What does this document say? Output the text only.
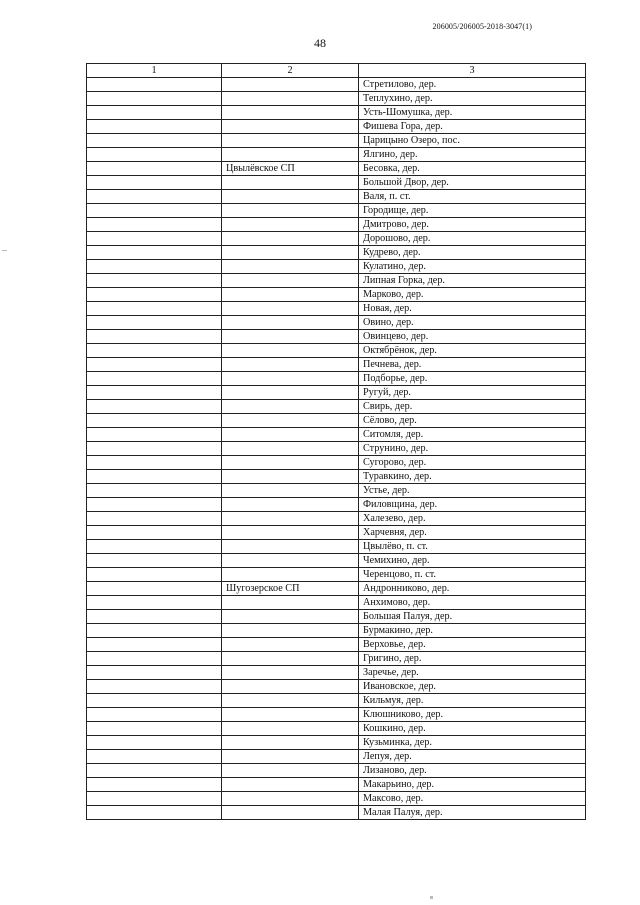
206005/206005-2018-3047(1)
48
1	2	3
		Стретилово, дер.
		Теплухино, дер.
		Усть-Шомушка, дер.
		Фишева Гора, дер.
		Царицыно Озеро, пос.
		Ялгино, дер.
	Цвылёвское СП	Бесовка, дер.
		Большой Двор, дер.
		Валя, п. ст.
		Городище, дер.
		Дмитрово, дер.
		Дорошово, дер.
		Кудрево, дер.
		Кулатино, дер.
		Липная Горка, дер.
		Марково, дер.
		Новая, дер.
		Овино, дер.
		Овинцево, дер.
		Октябрёнок, дер.
		Печнева, дер.
		Подборье, дер.
		Ругуй, дер.
		Свирь, дер.
		Сёлово, дер.
		Ситомля, дер.
		Струнино, дер.
		Сугорово, дер.
		Туравкино, дер.
		Устье, дер.
		Филовщина, дер.
		Халезево, дер.
		Харчевня, дер.
		Цвылёво, п. ст.
		Чемихино, дер.
		Черенцово, п. ст.
	Шугозерское СП	Андронниково, дер.
		Анхимово, дер.
		Большая Палуя, дер.
		Бурмакино, дер.
		Верховье, дер.
		Григино, дер.
		Заречье, дер.
		Ивановское, дер.
		Кильмуя, дер.
		Клюшниково, дер.
		Кошкино, дер.
		Кузьминка, дер.
		Лепуя, дер.
		Лизаново, дер.
		Макарьино, дер.
		Максово, дер.
		Малая Палуя, дер.
